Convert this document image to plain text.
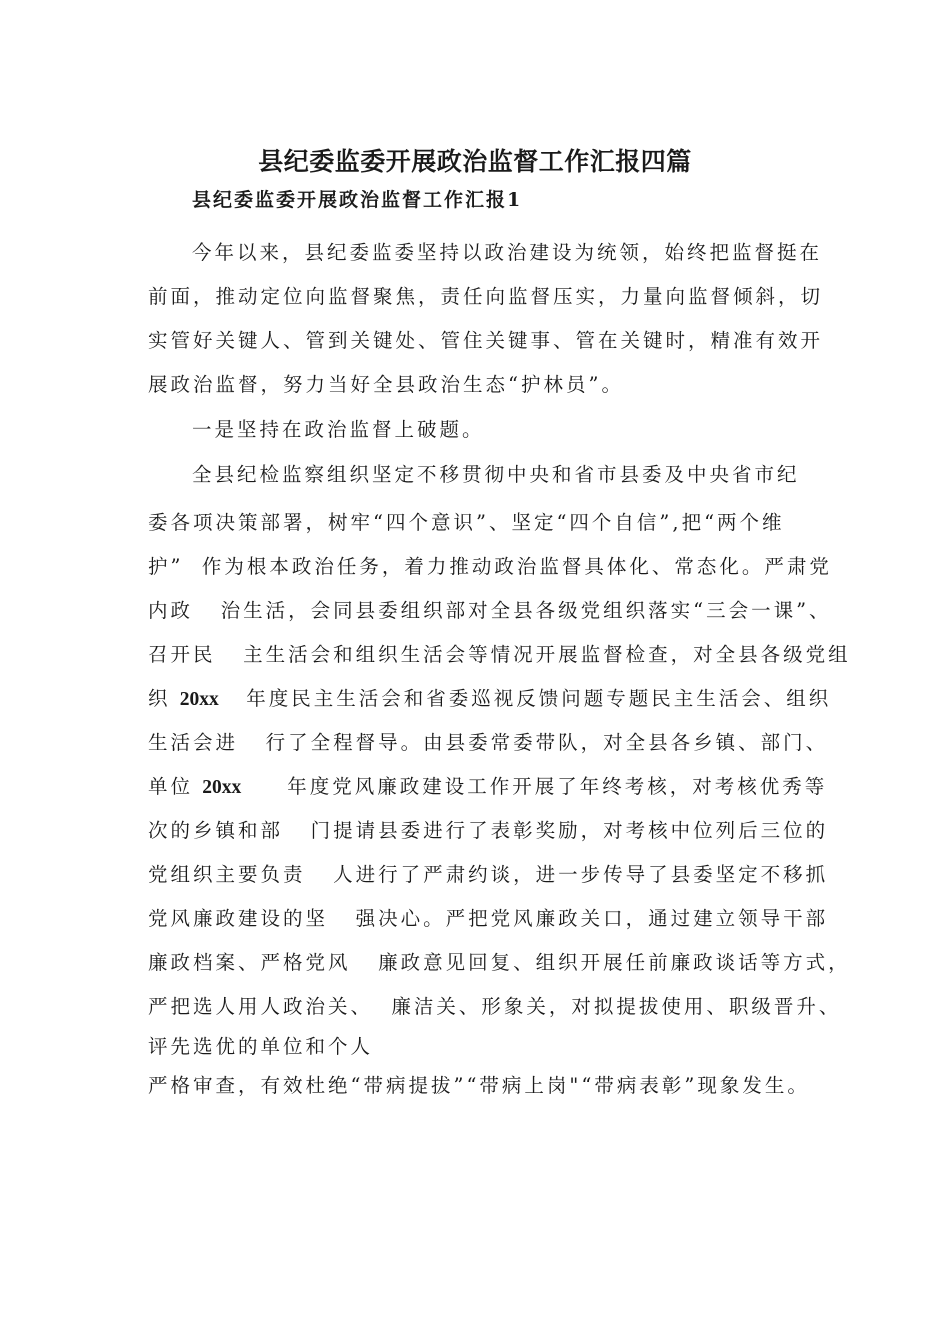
县纪委监委开展政治监督工作汇报四篇
县纪委监委开展政治监督工作汇报1
今年以来，县纪委监委坚持以政治建设为统领，始终把监督挺在
前面，推动定位向监督聚焦，责任向监督压实，力量向监督倾斜，切
实管好关键人、管到关键处、管住关键事、管在关键时，精准有效开
展政治监督，努力当好全县政治生态“护林员”。
一是坚持在政治监督上破题。
全县纪检监察组织坚定不移贯彻中央和省市县委及中央省市纪
委各项决策部署，树牢“四个意识”、坚定“四个自信”,把“两个维
护”  作为根本政治任务，着力推动政治监督具体化、常态化。严肃党
内政   治生活，会同县委组织部对全县各级党组织落实“三会一课”、
召开民   主生活会和组织生活会等情况开展监督检查，对全县各级党组
织 20xx   年度民主生活会和省委巡视反馈问题专题民主生活会、组织
生活会进   行了全程督导。由县委常委带队，对全县各乡镇、部门、
单位 20xx     年度党风廉政建设工作开展了年终考核，对考核优秀等
次的乡镇和部   门提请县委进行了表彰奖励，对考核中位列后三位的
党组织主要负责   人进行了严肃约谈，进一步传导了县委坚定不移抓
党风廉政建设的坚   强决心。严把党风廉政关口，通过建立领导干部
廉政档案、严格党风   廉政意见回复、组织开展任前廉政谈话等方式，
严把选人用人政治关、  廉洁关、形象关，对拟提拔使用、职级晋升、
评先选优的单位和个人
严格审查，有效杜绝“带病提拔”“带病上岗"“带病表彰”现象发生。
